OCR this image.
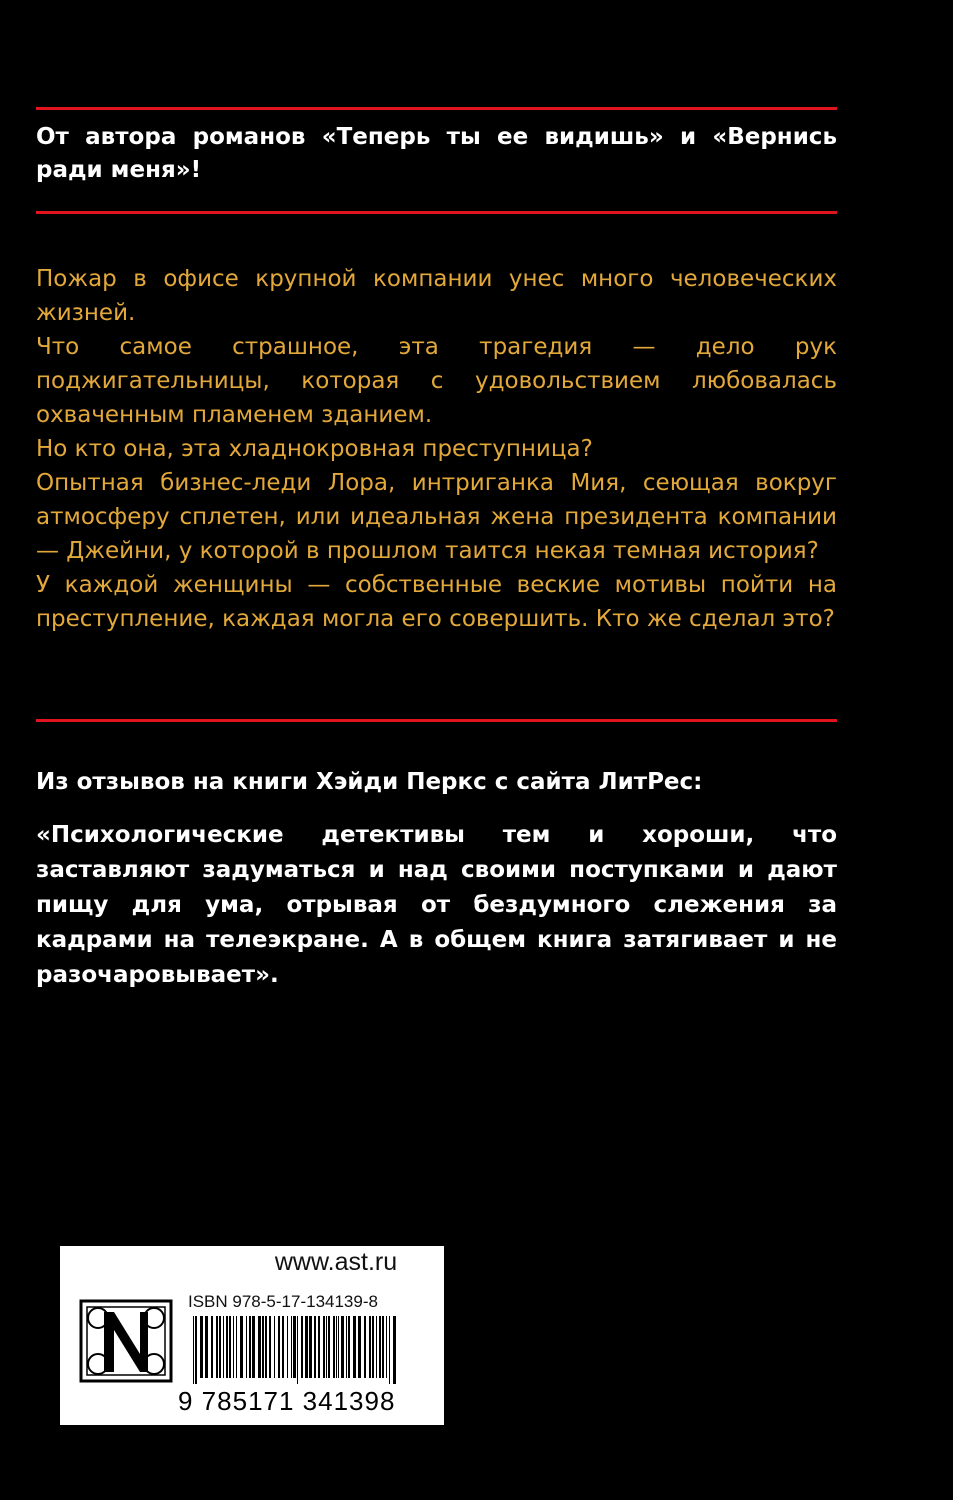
От автора романов «Теперь ты ее видишь» и «Вернись ради меня»!

Пожар в офисе крупной компании унес много человеческих жизней.

Что самое страшное, эта трагедия — дело рук поджигательницы, которая с удовольствием любовалась охваченным пламенем зданием.

Но кто она, эта хладнокровная преступница?

Опытная бизнес-леди Лора, интриганка Мия, сеющая вокруг атмосферу сплетен, или идеальная жена президента компании — Джейни, у которой в прошлом таится некая темная история?

У каждой женщины — собственные веские мотивы пойти на преступление, каждая могла его совершить. Кто же сделал это?

Из отзывов на книги Хэйди Перкс с сайта ЛитРес:

«Психологические детективы тем и хороши, что заставляют задуматься и над своими поступками и дают пищу для ума, отрывая от бездумного слежения за кадрами на телеэкране. А в общем книга затягивает и не разочаровывает».

www.ast.ru
ISBN 978-5-17-134139-8
9 785171 341398
